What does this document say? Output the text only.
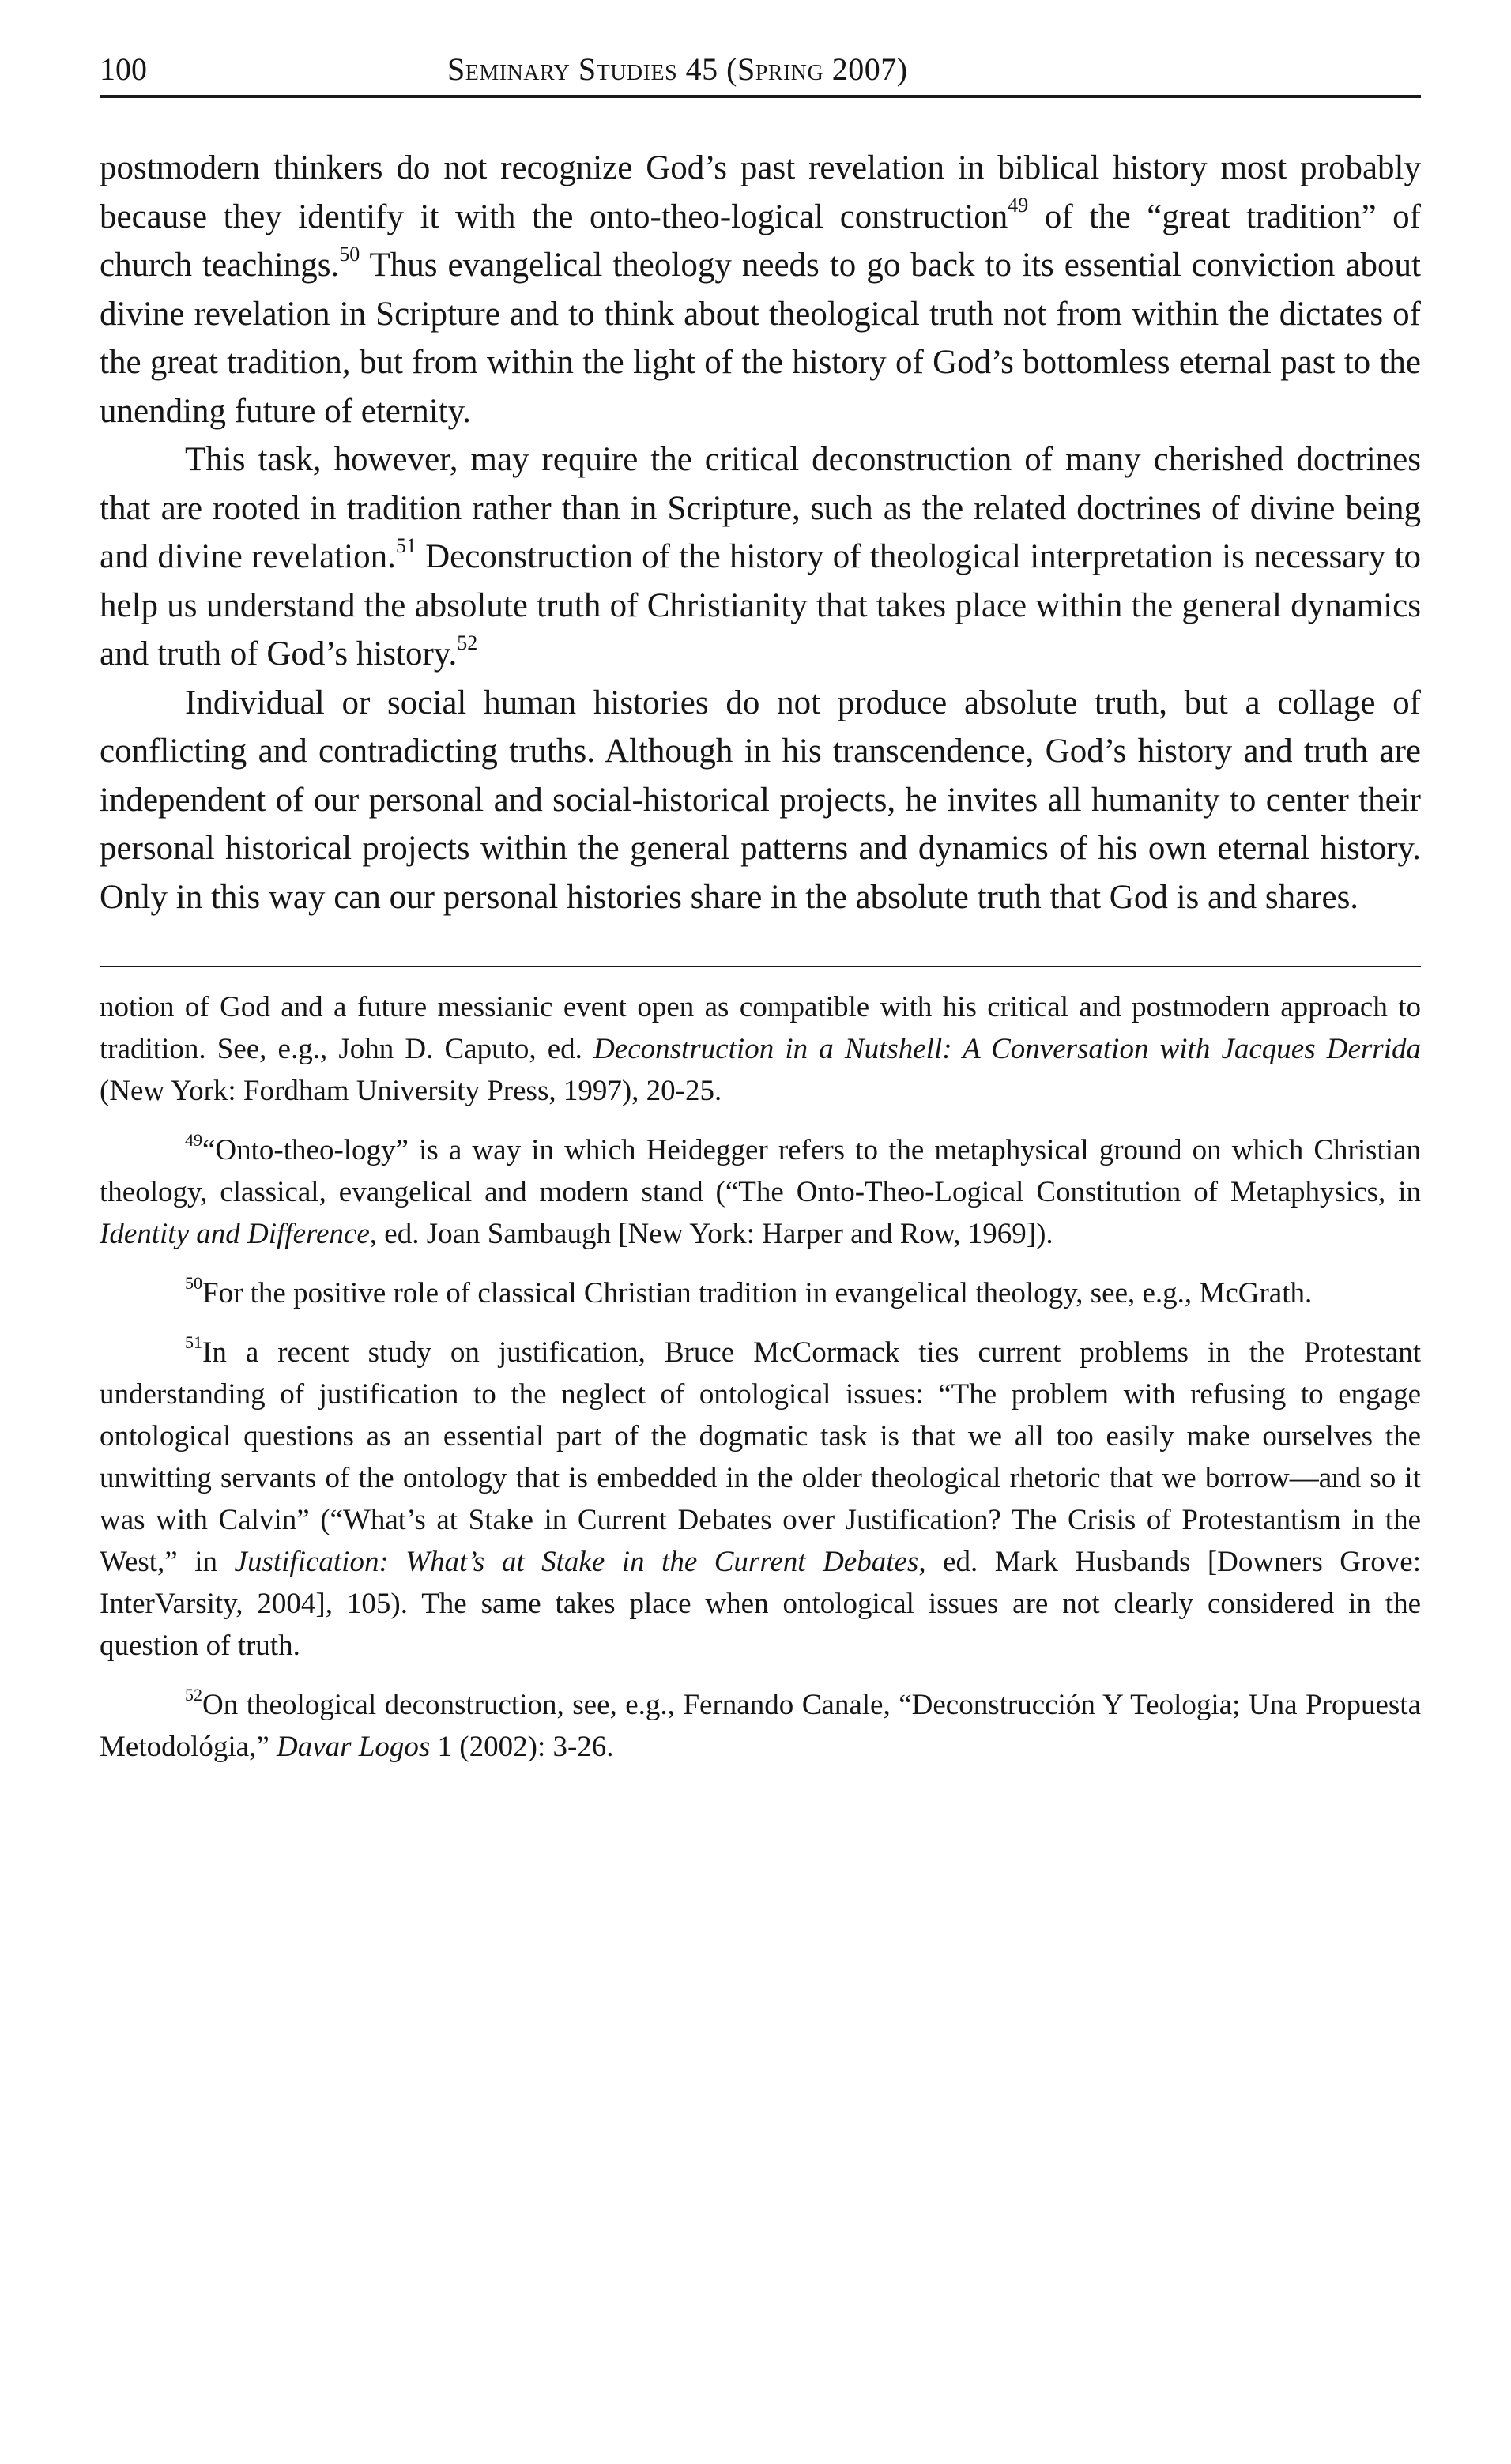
100	Seminary Studies 45 (Spring 2007)

postmodern thinkers do not recognize God’s past revelation in biblical history most probably because they identify it with the onto-theo-logical construction$^{49}$ of the “great tradition” of church teachings.$^{50}$ Thus evangelical theology needs to go back to its essential conviction about divine revelation in Scripture and to think about theological truth not from within the dictates of the great tradition, but from within the light of the history of God’s bottomless eternal past to the unending future of eternity.

This task, however, may require the critical deconstruction of many cherished doctrines that are rooted in tradition rather than in Scripture, such as the related doctrines of divine being and divine revelation.$^{51}$ Deconstruction of the history of theological interpretation is necessary to help us understand the absolute truth of Christianity that takes place within the general dynamics and truth of God’s history.$^{52}$

Individual or social human histories do not produce absolute truth, but a collage of conflicting and contradicting truths. Although in his transcendence, God’s history and truth are independent of our personal and social-historical projects, he invites all humanity to center their personal historical projects within the general patterns and dynamics of his own eternal history. Only in this way can our personal histories share in the absolute truth that God is and shares.

notion of God and a future messianic event open as compatible with his critical and postmodern approach to tradition. See, e.g., John D. Caputo, ed. Deconstruction in a Nutshell: A Conversation with Jacques Derrida (New York: Fordham University Press, 1997), 20-25.

$^{49}$“Onto-theo-logy” is a way in which Heidegger refers to the metaphysical ground on which Christian theology, classical, evangelical and modern stand (“The Onto-Theo-Logical Constitution of Metaphysics, in Identity and Difference, ed. Joan Sambaugh [New York: Harper and Row, 1969]).

$^{50}$For the positive role of classical Christian tradition in evangelical theology, see, e.g., McGrath.

$^{51}$In a recent study on justification, Bruce McCormack ties current problems in the Protestant understanding of justification to the neglect of ontological issues: “The problem with refusing to engage ontological questions as an essential part of the dogmatic task is that we all too easily make ourselves the unwitting servants of the ontology that is embedded in the older theological rhetoric that we borrow—and so it was with Calvin” (“What’s at Stake in Current Debates over Justification? The Crisis of Protestantism in the West,” in Justification: What’s at Stake in the Current Debates, ed. Mark Husbands [Downers Grove: InterVarsity, 2004], 105). The same takes place when ontological issues are not clearly considered in the question of truth.

$^{52}$On theological deconstruction, see, e.g., Fernando Canale, “Deconstrucción Y Teologia; Una Propuesta Metodológia,” Davar Logos 1 (2002): 3-26.
